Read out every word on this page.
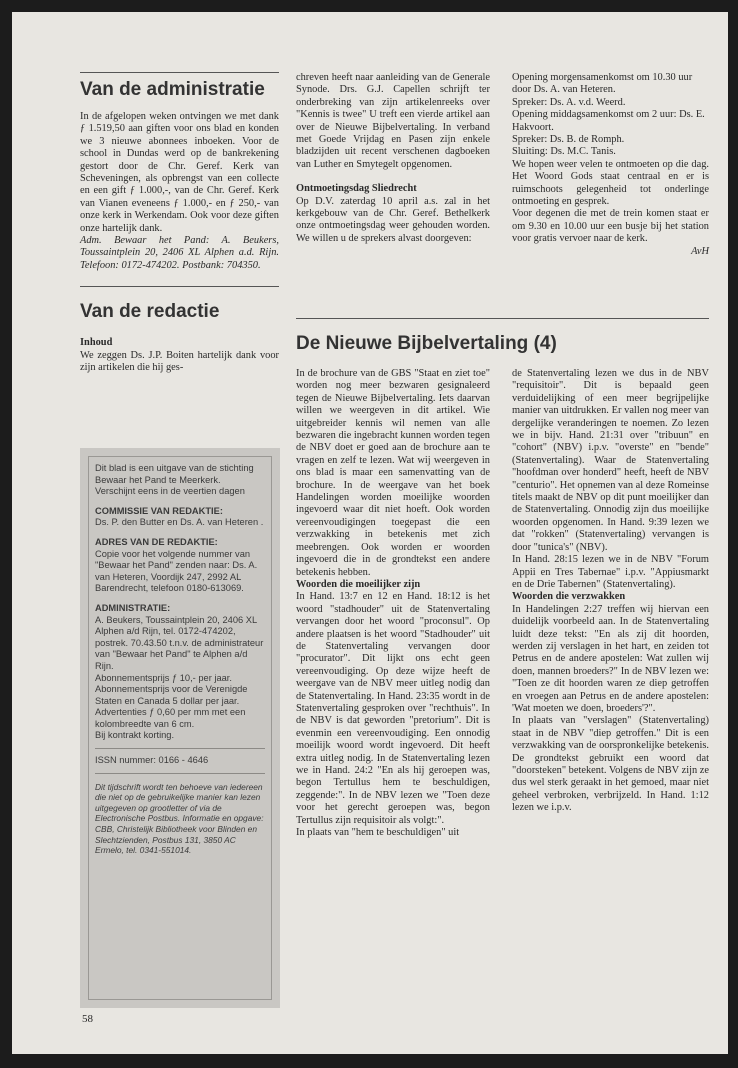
Van de administratie

In de afgelopen weken ontvingen we met dank ƒ 1.519,50 aan giften voor ons blad en konden we 3 nieuwe abonnees inboeken. Voor de school in Dundas werd op de bankrekening gestort door de Chr. Geref. Kerk van Scheveningen, als opbrengst van een collecte en een gift ƒ 1.000,-, van de Chr. Geref. Kerk van Vianen eveneens ƒ 1.000,- en ƒ 250,- van onze kerk in Werkendam. Ook voor deze giften onze hartelijk dank.

Adm. Bewaar het Pand: A. Beukers, Toussaintplein 20, 2406 XL Alphen a.d. Rijn. Telefoon: 0172-474202. Postbank: 704350.

Van de redactie

Inhoud

We zeggen Ds. J.P. Boiten hartelijk dank voor zijn artikelen die hij ges-

Dit blad is een uitgave van de stichting Bewaar het Pand te Meerkerk.

Verschijnt eens in de veertien dagen

COMMISSIE VAN REDAKTIE:

Ds. P. den Butter en Ds. A. van Heteren .

ADRES VAN DE REDAKTIE:

Copie voor het volgende nummer van "Bewaar het Pand" zenden naar: Ds. A. van Heteren, Voordijk 247, 2992 AL Barendrecht, telefoon 0180-613069.

ADMINISTRATIE:

A. Beukers, Toussaintplein 20, 2406 XL Alphen a/d Rijn, tel. 0172-474202, postrek. 70.43.50 t.n.v. de administrateur van "Bewaar het Pand" te Alphen a/d Rijn.

Abonnementsprijs ƒ 10,- per jaar.

Abonnementsprijs voor de Verenigde Staten en Canada 5 dollar per jaar.

Advertenties ƒ 0,60 per mm met een kolombreedte van 6 cm.

Bij kontrakt korting.

ISSN nummer: 0166 - 4646

Dit tijdschrift wordt ten behoeve van iedereen die niet op de gebruikelijke manier kan lezen uitgegeven op grootletter of via de Electronische Postbus. Informatie en opgave: CBB, Christelijk Bibliotheek voor Blinden en Slechtzienden, Postbus 131, 3850 AC Ermelo, tel. 0341-551014.

58

chreven heeft naar aanleiding van de Generale Synode. Drs. G.J. Capellen schrijft ter onderbreking van zijn artikelenreeks over "Kennis is twee" U treft een vierde artikel aan over de Nieuwe Bijbelvertaling. In verband met Goede Vrijdag en Pasen zijn enkele bladzijden uit recent verschenen dagboeken van Luther en Smytegelt opgenomen.

Ontmoetingsdag Sliedrecht

Op D.V. zaterdag 10 april a.s. zal in het kerkgebouw van de Chr. Geref. Bethelkerk onze ontmoetingsdag weer gehouden worden. We willen u de sprekers alvast doorgeven:

Opening morgensamenkomst om 10.30 uur door Ds. A. van Heteren.

Spreker: Ds. A. v.d. Weerd.

Opening middagsamenkomst om 2 uur: Ds. E. Hakvoort.

Spreker: Ds. B. de Romph.

Sluiting: Ds. M.C. Tanis.

We hopen weer velen te ontmoeten op die dag. Het Woord Gods staat centraal en er is ruimschoots gelegenheid tot onderlinge ontmoeting en gesprek.

Voor degenen die met de trein komen staat er om 9.30 en 10.00 uur een busje bij het station voor gratis vervoer naar de kerk.

AvH

De Nieuwe Bijbelvertaling (4)

In de brochure van de GBS "Staat en ziet toe" worden nog meer bezwaren gesignaleerd tegen de Nieuwe Bijbelvertaling. Iets daarvan willen we weergeven in dit artikel. Wie uitgebreider kennis wil nemen van alle bezwaren die ingebracht kunnen worden tegen de NBV doet er goed aan de brochure aan te vragen en zelf te lezen. Wat wij weergeven in ons blad is maar een samenvatting van de brochure. In de weergave van het boek Handelingen worden moeilijke woorden ingevoerd waar dit niet hoeft. Ook worden vereenvoudigingen toegepast die een verzwakking in betekenis met zich meebrengen. Ook worden er woorden ingevoerd die in de grondtekst een andere betekenis hebben.

Woorden die moeilijker zijn

In Hand. 13:7 en 12 en Hand. 18:12 is het woord "stadhouder" uit de Statenvertaling vervangen door het woord "proconsul". Op andere plaatsen is het woord "Stadhouder" uit de Statenvertaling vervangen door "procurator". Dit lijkt ons echt geen vereenvoudiging. Op deze wijze heeft de weergave van de NBV meer uitleg nodig dan de Statenvertaling. In Hand. 23:35 wordt in de Statenvertaling gesproken over "rechthuis". In de NBV is dat geworden "pretorium". Dit is evenmin een vereenvoudiging. Een onnodig moeilijk woord wordt ingevoerd. Dit heeft extra uitleg nodig. In de Statenvertaling lezen we in Hand. 24:2 "En als hij geroepen was, begon Tertullus hem te beschuldigen, zeggende:". In de NBV lezen we "Toen deze voor het gerecht geroepen was, begon Tertullus zijn requisitoir als volgt:".

In plaats van "hem te beschuldigen" uit

de Statenvertaling lezen we dus in de NBV "requisitoir". Dit is bepaald geen verduidelijking of een meer begrijpelijke manier van uitdrukken. Er vallen nog meer van dergelijke veranderingen te noemen. Zo lezen we in bijv. Hand. 21:31 over "tribuun" en "cohort" (NBV) i.p.v. "overste" en "bende" (Statenvertaling). Waar de Statenvertaling "hoofdman over honderd" heeft, heeft de NBV "centurio". Het opnemen van al deze Romeinse titels maakt de NBV op dit punt moeilijker dan de Statenvertaling. Onnodig zijn dus moeilijke woorden opgenomen. In Hand. 9:39 lezen we dat "rokken" (Statenvertaling) vervangen is door "tunica's" (NBV).

In Hand. 28:15 lezen we in de NBV "Forum Appii en Tres Tabernae" i.p.v. "Appiusmarkt en de Drie Tabernen" (Statenvertaling).

Woorden die verzwakken

In Handelingen 2:27 treffen wij hiervan een duidelijk voorbeeld aan. In de Statenvertaling luidt deze tekst: "En als zij dit hoorden, werden zij verslagen in het hart, en zeiden tot Petrus en de andere apostelen: Wat zullen wij doen, mannen broeders?" In de NBV lezen we: "Toen ze dit hoorden waren ze diep getroffen en vroegen aan Petrus en de andere apostelen: 'Wat moeten we doen, broeders'?".

In plaats van "verslagen" (Statenvertaling) staat in de NBV "diep getroffen." Dit is een verzwakking van de oorspronkelijke betekenis. De grondtekst gebruikt een woord dat "doorsteken" betekent. Volgens de NBV zijn ze dus wel sterk geraakt in het gemoed, maar niet geheel verbroken, verbrijzeld. In Hand. 1:12 lezen we i.p.v.
